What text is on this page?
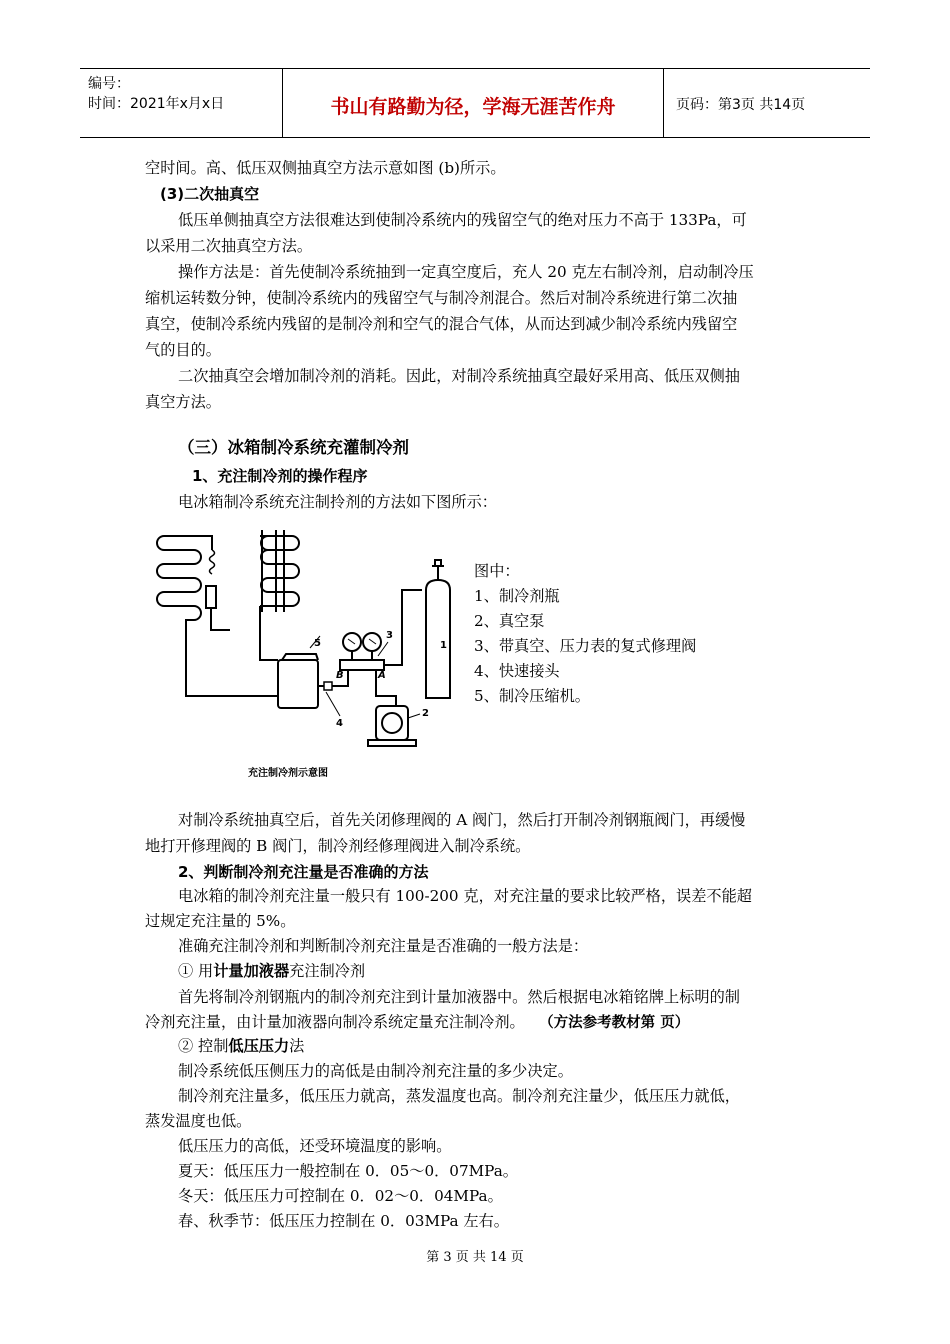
编号：
时间：2021年x月x日	书山有路勤为径，学海无涯苦作舟	页码：第3页 共14页
空时间。高、低压双侧抽真空方法示意如图 (b)所示。
(3)二次抽真空
低压单侧抽真空方法很难达到使制冷系统内的残留空气的绝对压力不高于 133Pa，可
以采用二次抽真空方法。
操作方法是：首先使制冷系统抽到一定真空度后，充人 20 克左右制冷剂，启动制冷压
缩机运转数分钟，使制冷系统内的残留空气与制冷剂混合。然后对制冷系统进行第二次抽
真空，使制冷系统内残留的是制冷剂和空气的混合气体，从而达到减少制冷系统内残留空
气的目的。
二次抽真空会增加制冷剂的消耗。因此，对制冷系统抽真空最好采用高、低压双侧抽
真空方法。
（三）冰箱制冷系统充灌制冷剂
1、充注制冷剂的操作程序
电冰箱制冷系统充注制拎剂的方法如下图所示：
1
2
3
4
5
B	A
充注制冷剂示意图
图中：
1、制冷剂瓶
2、真空泵
3、带真空、压力表的复式修理阀
4、快速接头
5、制冷压缩机。
对制冷系统抽真空后，首先关闭修理阀的 A 阀门，然后打开制冷剂钢瓶阀门，再缓慢
地打开修理阀的 B 阀门，制冷剂经修理阀进入制冷系统。
2、判断制冷剂充注量是否准确的方法
电冰箱的制冷剂充注量一般只有 100-200 克，对充注量的要求比较严格，误差不能超
过规定充注量的 5%。
准确充注制冷剂和判断制冷剂充注量是否准确的一般方法是：
① 用计量加液器充注制冷剂
首先将制冷剂钢瓶内的制冷剂充注到计量加液器中。然后根据电冰箱铭牌上标明的制
冷剂充注量，由计量加液器向制冷系统定量充注制冷剂。 （方法参考教材第 页）
② 控制低压压力法
制冷系统低压侧压力的高低是由制冷剂充注量的多少决定。
制冷剂充注量多，低压压力就高，蒸发温度也高。制冷剂充注量少，低压压力就低，
蒸发温度也低。
低压压力的高低，还受环境温度的影响。
夏天：低压压力一般控制在 0．05～0．07MPa。
冬天：低压压力可控制在 0．02～0．04MPa。
春、秋季节：低压压力控制在 0．03MPa 左右。
第 3 页 共 14 页
